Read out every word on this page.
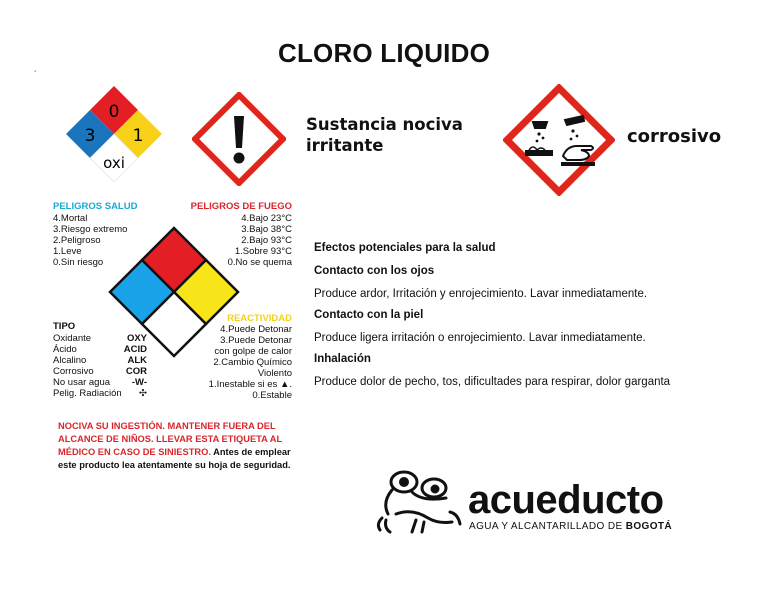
CLORO LIQUIDO
´
0
3 1
oxi
Sustancia nociva
irritante	corrosivo
PELIGROS SALUD
4.Mortal
3.Riesgo extremo
2.Peligroso
1.Leve
0.Sin riesgo
PELIGROS DE FUEGO
4.Bajo 23°C
3.Bajo 38°C
2.Bajo 93°C
1.Sobre 93°C
0.No se quema
REACTIVIDAD
4.Puede Detonar
3.Puede Detonar
con golpe de calor
2.Cambio Químico
Violento
1.Inestable si es ▲.
0.Estable
TIPO
Oxidante	OXY
Ácido	ACID
Alcalino	ALK
Corrosivo	COR
No usar agua -W-
Pelig. Radiación ✣
NOCIVA SU INGESTIÓN. MANTENER FUERA DEL ALCANCE DE NIÑOS. LLEVAR ESTA ETIQUETA AL MÉDICO EN CASO DE SINIESTRO. Antes de emplear este producto lea atentamente su hoja de seguridad.
Efectos potenciales para la salud
Contacto con los ojos
Produce ardor, Irritación y enrojecimiento. Lavar inmediatamente.
Contacto con la piel
Produce ligera irritación o enrojecimiento. Lavar inmediatamente.
Inhalación
Produce dolor de pecho, tos, dificultades para respirar, dolor garganta
acueducto
AGUA Y ALCANTARILLADO DE BOGOTÁ
